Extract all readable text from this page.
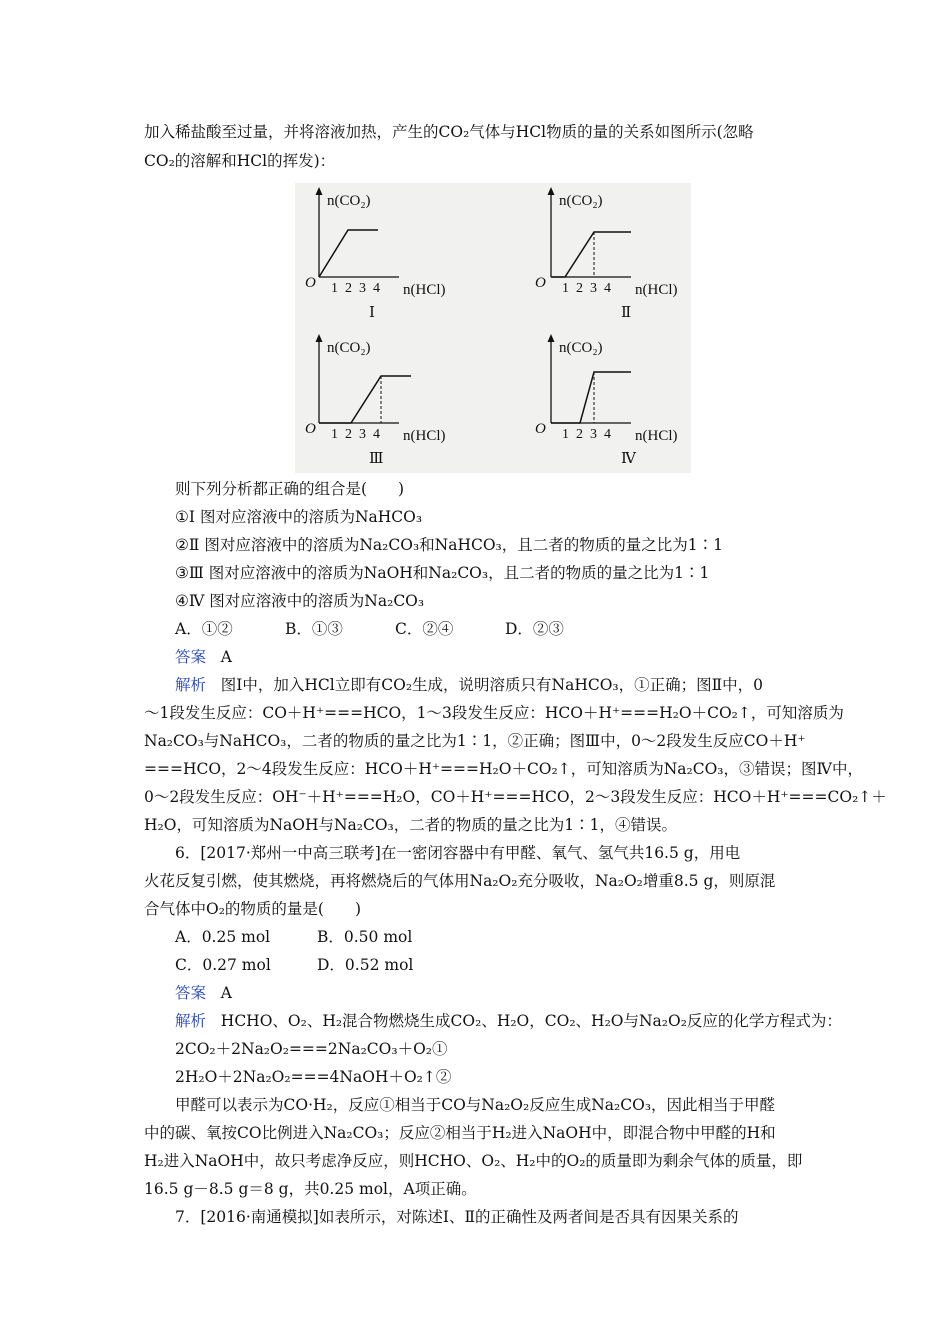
加入稀盐酸至过量，并将溶液加热，产生的CO₂气体与HCl物质的量的关系如图所示(忽略
CO₂的溶解和HCl的挥发)：
n(CO₂)
O 1 2 3 4 n(HCl)
Ⅰ
n(CO₂)
O 1 2 3 4 n(HCl)
Ⅱ
n(CO₂)
O 1 2 3 4 n(HCl)
Ⅲ
n(CO₂)
O 1 2 3 4 n(HCl)
Ⅳ
则下列分析都正确的组合是(　　)
①Ⅰ 图对应溶液中的溶质为NaHCO₃
②Ⅱ 图对应溶液中的溶质为Na₂CO₃和NaHCO₃，且二者的物质的量之比为1∶1
③Ⅲ 图对应溶液中的溶质为NaOH和Na₂CO₃，且二者的物质的量之比为1∶1
④Ⅳ 图对应溶液中的溶质为Na₂CO₃
A．①②	B．①③	C．②④	D．②③
答案 A
解析 图Ⅰ中，加入HCl立即有CO₂生成，说明溶质只有NaHCO₃，①正确；图Ⅱ中，0
～1段发生反应：CO＋H⁺===HCO，1～3段发生反应：HCO＋H⁺===H₂O＋CO₂↑，可知溶质为
Na₂CO₃与NaHCO₃，二者的物质的量之比为1∶1，②正确；图Ⅲ中，0～2段发生反应CO＋H⁺
===HCO，2～4段发生反应：HCO＋H⁺===H₂O＋CO₂↑，可知溶质为Na₂CO₃，③错误；图Ⅳ中，
0～2段发生反应：OH⁻＋H⁺===H₂O，CO＋H⁺===HCO，2～3段发生反应：HCO＋H⁺===CO₂↑＋
H₂O，可知溶质为NaOH与Na₂CO₃，二者的物质的量之比为1∶1，④错误。
6．[2017·郑州一中高三联考]在一密闭容器中有甲醛、氧气、氢气共16.5 g，用电
火花反复引燃，使其燃烧，再将燃烧后的气体用Na₂O₂充分吸收，Na₂O₂增重8.5 g，则原混
合气体中O₂的物质的量是(　　)
A．0.25 mol	B．0.50 mol
C．0.27 mol	D．0.52 mol
答案 A
解析 HCHO、O₂、H₂混合物燃烧生成CO₂、H₂O，CO₂、H₂O与Na₂O₂反应的化学方程式为：
2CO₂＋2Na₂O₂===2Na₂CO₃＋O₂①
2H₂O＋2Na₂O₂===4NaOH＋O₂↑②
甲醛可以表示为CO·H₂，反应①相当于CO与Na₂O₂反应生成Na₂CO₃，因此相当于甲醛
中的碳、氧按CO比例进入Na₂CO₃；反应②相当于H₂进入NaOH中，即混合物中甲醛的H和
H₂进入NaOH中，故只考虑净反应，则HCHO、O₂、H₂中的O₂的质量即为剩余气体的质量，即
16.5 g－8.5 g＝8 g，共0.25 mol，A项正确。
7．[2016·南通模拟]如表所示，对陈述Ⅰ、Ⅱ的正确性及两者间是否具有因果关系的
